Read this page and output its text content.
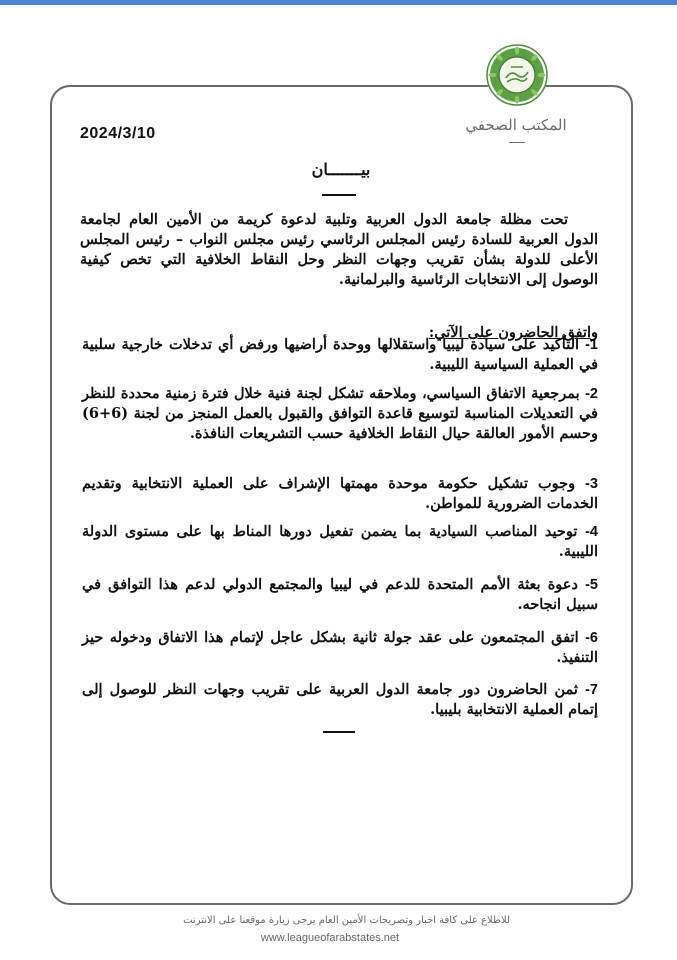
المكتب الصحفي
2024/3/10
بيـــــــان

تحت مظلة جامعة الدول العربية وتلبية لدعوة كريمة من الأمين العام لجامعة الدول العربية للسادة رئيس المجلس الرئاسي رئيس مجلس النواب – رئيس المجلس الأعلى للدولة بشأن تقريب وجهات النظر وحل النقاط الخلافية التي تخص كيفية الوصول إلى الانتخابات الرئاسية والبرلمانية.

واتفق الحاضرون على الآتي:
1- التأكيد على سيادة ليبيا واستقلالها ووحدة أراضيها ورفض أي تدخلات خارجية سلبية في العملية السياسية الليبية.
2- بمرجعية الاتفاق السياسي، وملاحقه تشكل لجنة فنية خلال فترة زمنية محددة للنظر في التعديلات المناسبة لتوسيع قاعدة التوافق والقبول بالعمل المنجز من لجنة (6+6) وحسم الأمور العالقة حيال النقاط الخلافية حسب التشريعات النافذة.
3- وجوب تشكيل حكومة موحدة مهمتها الإشراف على العملية الانتخابية وتقديم الخدمات الضرورية للمواطن.
4- توحيد المناصب السيادية بما يضمن تفعيل دورها المناط بها على مستوى الدولة الليبية.
5- دعوة بعثة الأمم المتحدة للدعم في ليبيا والمجتمع الدولي لدعم هذا التوافق في سبيل انجاحه.
6- اتفق المجتمعون على عقد جولة ثانية بشكل عاجل لإتمام هذا الاتفاق ودخوله حيز التنفيذ.
7- ثمن الحاضرون دور جامعة الدول العربية على تقريب وجهات النظر للوصول إلى إتمام العملية الانتخابية بليبيا.
للاطلاع على كافة اخبار وتصريحات الأمين العام يرجى زيارة موقعنا على الانترنت
www.leagueofarabstates.net
